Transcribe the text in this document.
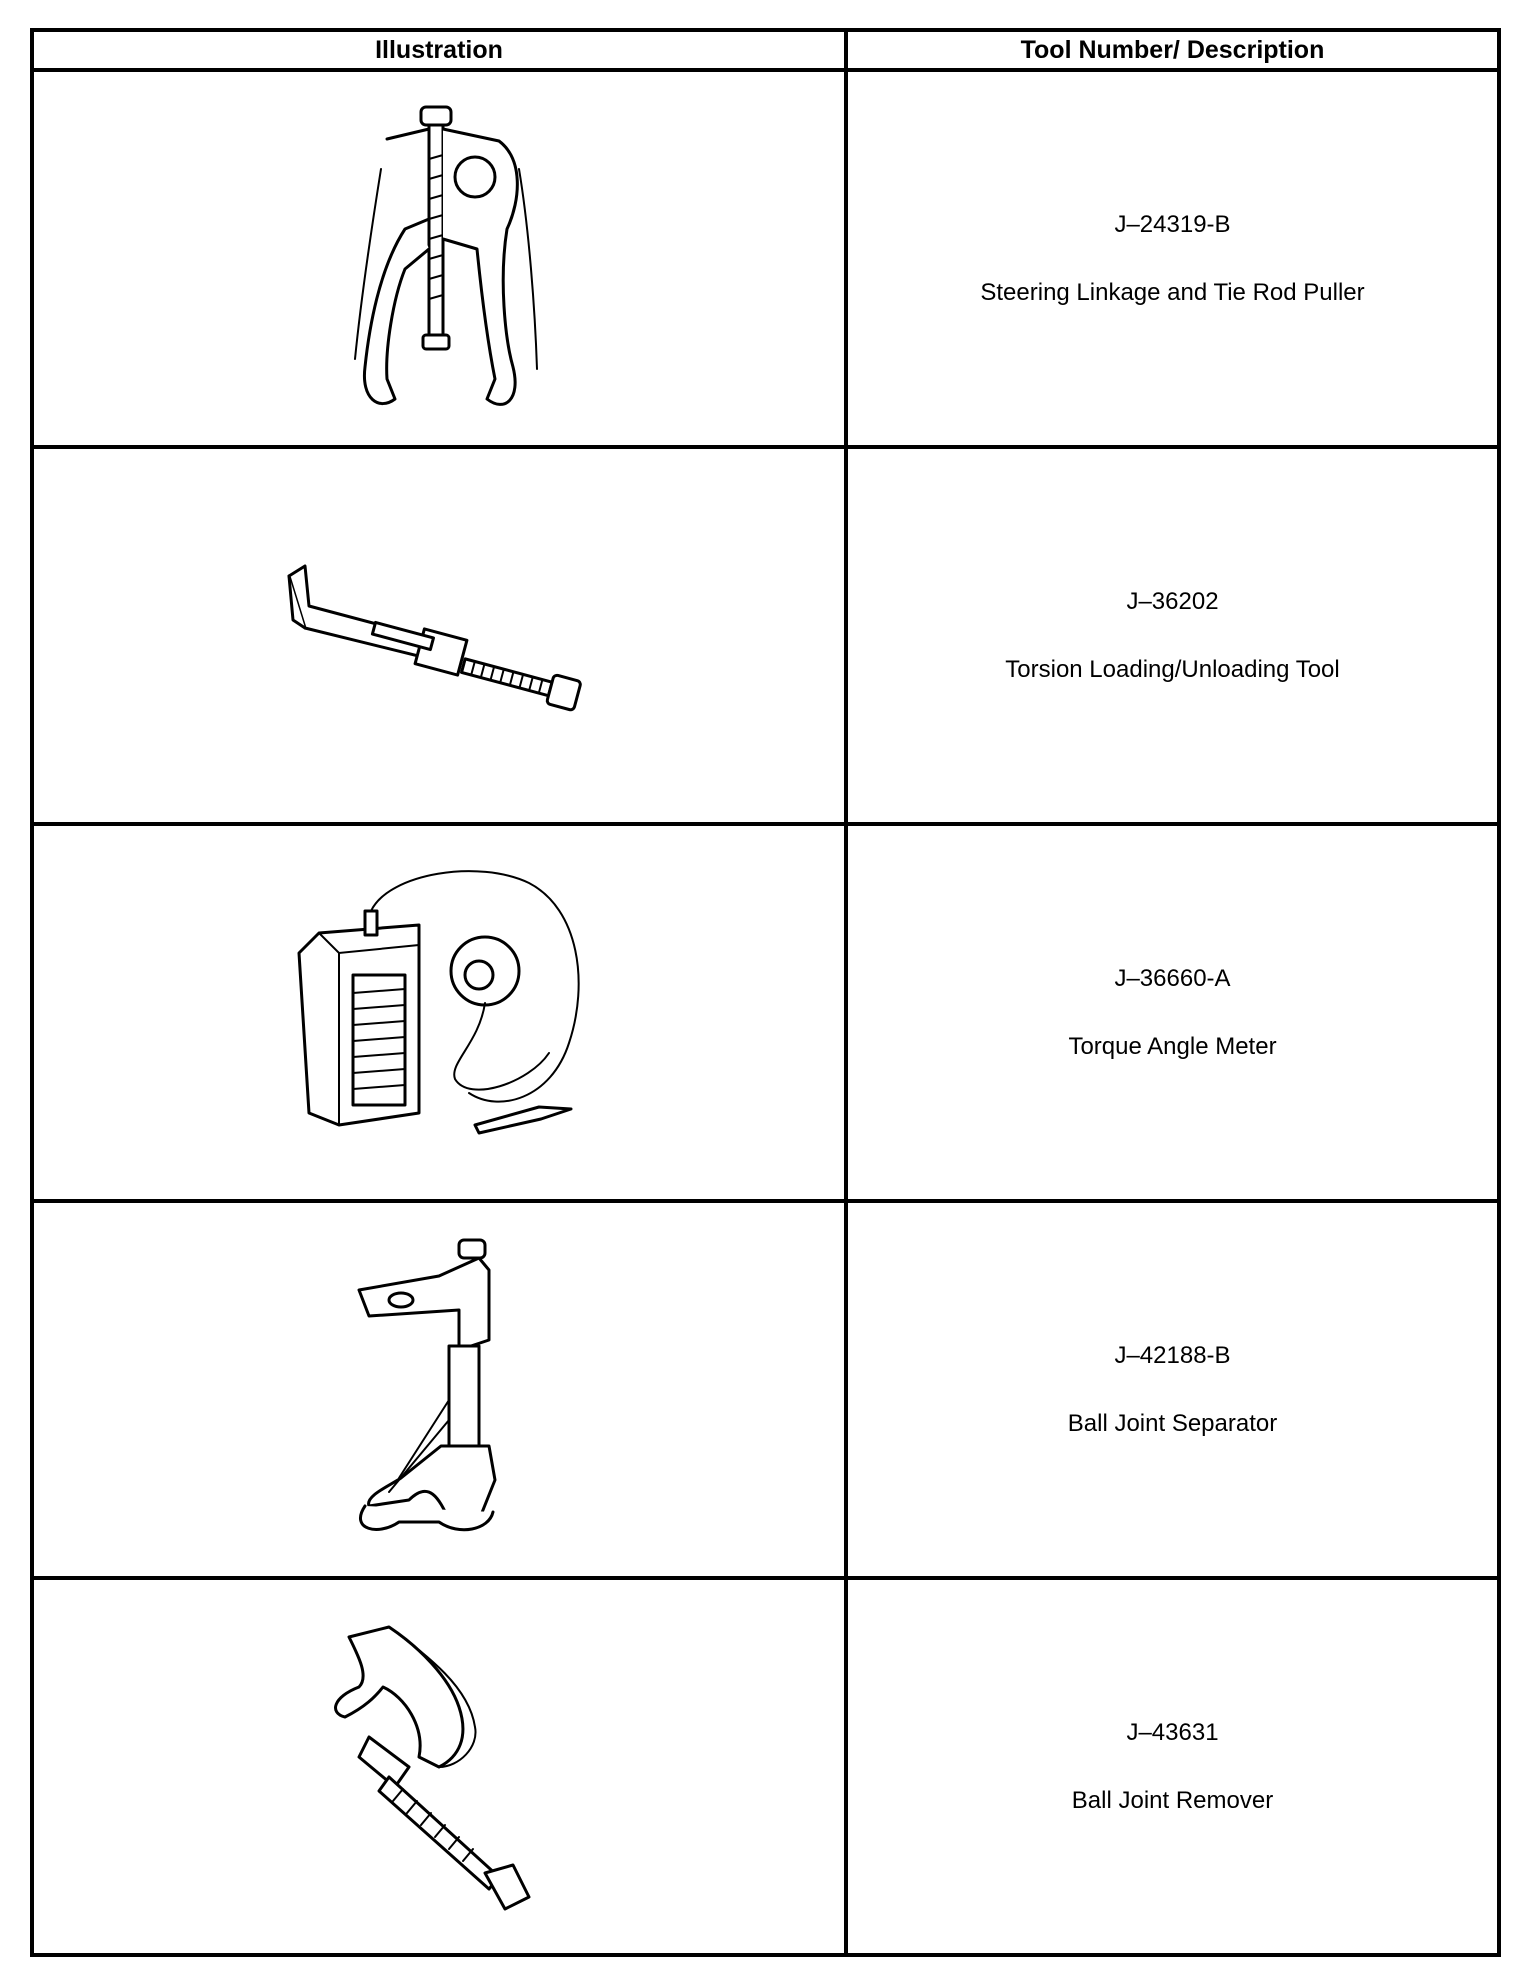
Illustration	Tool Number/ Description

J–24319-B
Steering Linkage and Tie Rod Puller

J–36202
Torsion Loading/Unloading Tool

J–36660-A
Torque Angle Meter

J–42188-B
Ball Joint Separator

J–43631
Ball Joint Remover
